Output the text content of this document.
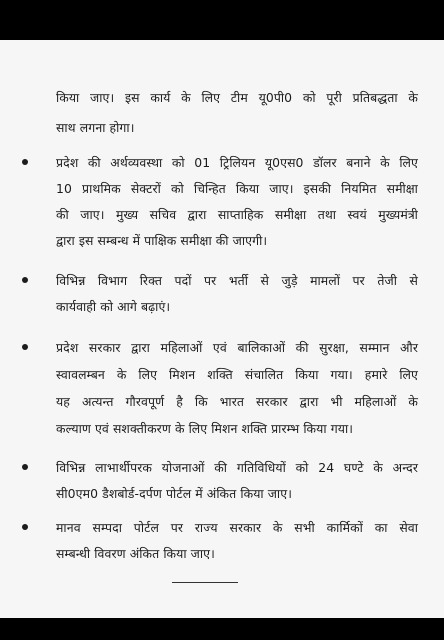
किया जाए। इस कार्य के लिए टीम यू0पी0 को पूरी प्रतिबद्धता के
साथ लगना होगा।
प्रदेश की अर्थव्यवस्था को 01 ट्रिलियन यू0एस0 डॉलर बनाने के लिए
10 प्राथमिक सेक्टरों को चिन्हित किया जाए। इसकी नियमित समीक्षा
की जाए। मुख्य सचिव द्वारा साप्ताहिक समीक्षा तथा स्वयं मुख्यमंत्री
द्वारा इस सम्बन्ध में पाक्षिक समीक्षा की जाएगी।
विभिन्न विभाग रिक्त पदों पर भर्ती से जुड़े मामलों पर तेजी से
कार्यवाही को आगे बढ़ाएं।
प्रदेश सरकार द्वारा महिलाओं एवं बालिकाओं की सुरक्षा, सम्मान और
स्वावलम्बन के लिए मिशन शक्ति संचालित किया गया। हमारे लिए
यह अत्यन्त गौरवपूर्ण है कि भारत सरकार द्वारा भी महिलाओं के
कल्याण एवं सशक्तीकरण के लिए मिशन शक्ति प्रारम्भ किया गया।
विभिन्न लाभार्थीपरक योजनाओं की गतिविधियों को 24 घण्टे के अन्दर
सी0एम0 डैशबोर्ड-दर्पण पोर्टल में अंकित किया जाए।
मानव सम्पदा पोर्टल पर राज्य सरकार के सभी कार्मिकों का सेवा
सम्बन्धी विवरण अंकित किया जाए।
